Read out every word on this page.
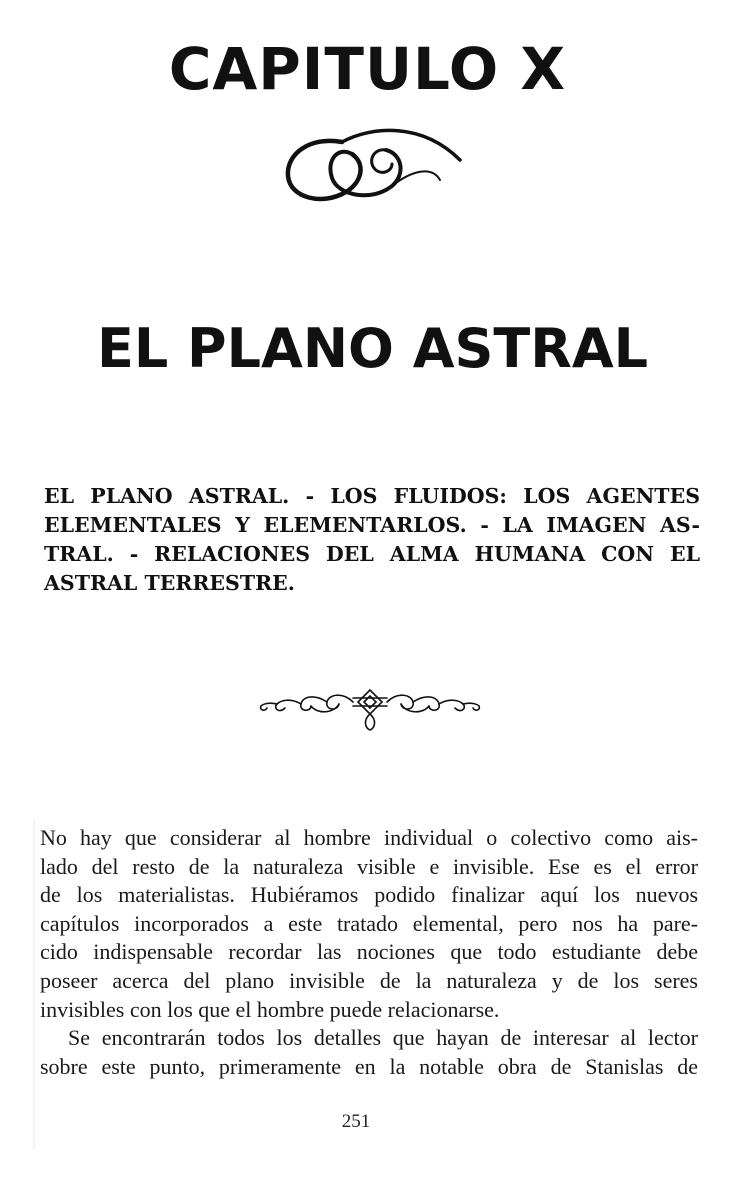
CAPITULO X
EL PLANO ASTRAL
EL PLANO ASTRAL. - LOS FLUIDOS: LOS AGENTES
ELEMENTALES Y ELEMENTARLOS. - LA IMAGEN AS-
TRAL. - RELACIONES DEL ALMA HUMANA CON EL
ASTRAL TERRESTRE.
No hay que considerar al hombre individual o colectivo como ais-
lado del resto de la naturaleza visible e invisible. Ese es el error
de los materialistas. Hubiéramos podido finalizar aquí los nuevos
capítulos incorporados a este tratado elemental, pero nos ha pare-
cido indispensable recordar las nociones que todo estudiante debe
poseer acerca del plano invisible de la naturaleza y de los seres
invisibles con los que el hombre puede relacionarse.
Se encontrarán todos los detalles que hayan de interesar al lector
sobre este punto, primeramente en la notable obra de Stanislas de
251
